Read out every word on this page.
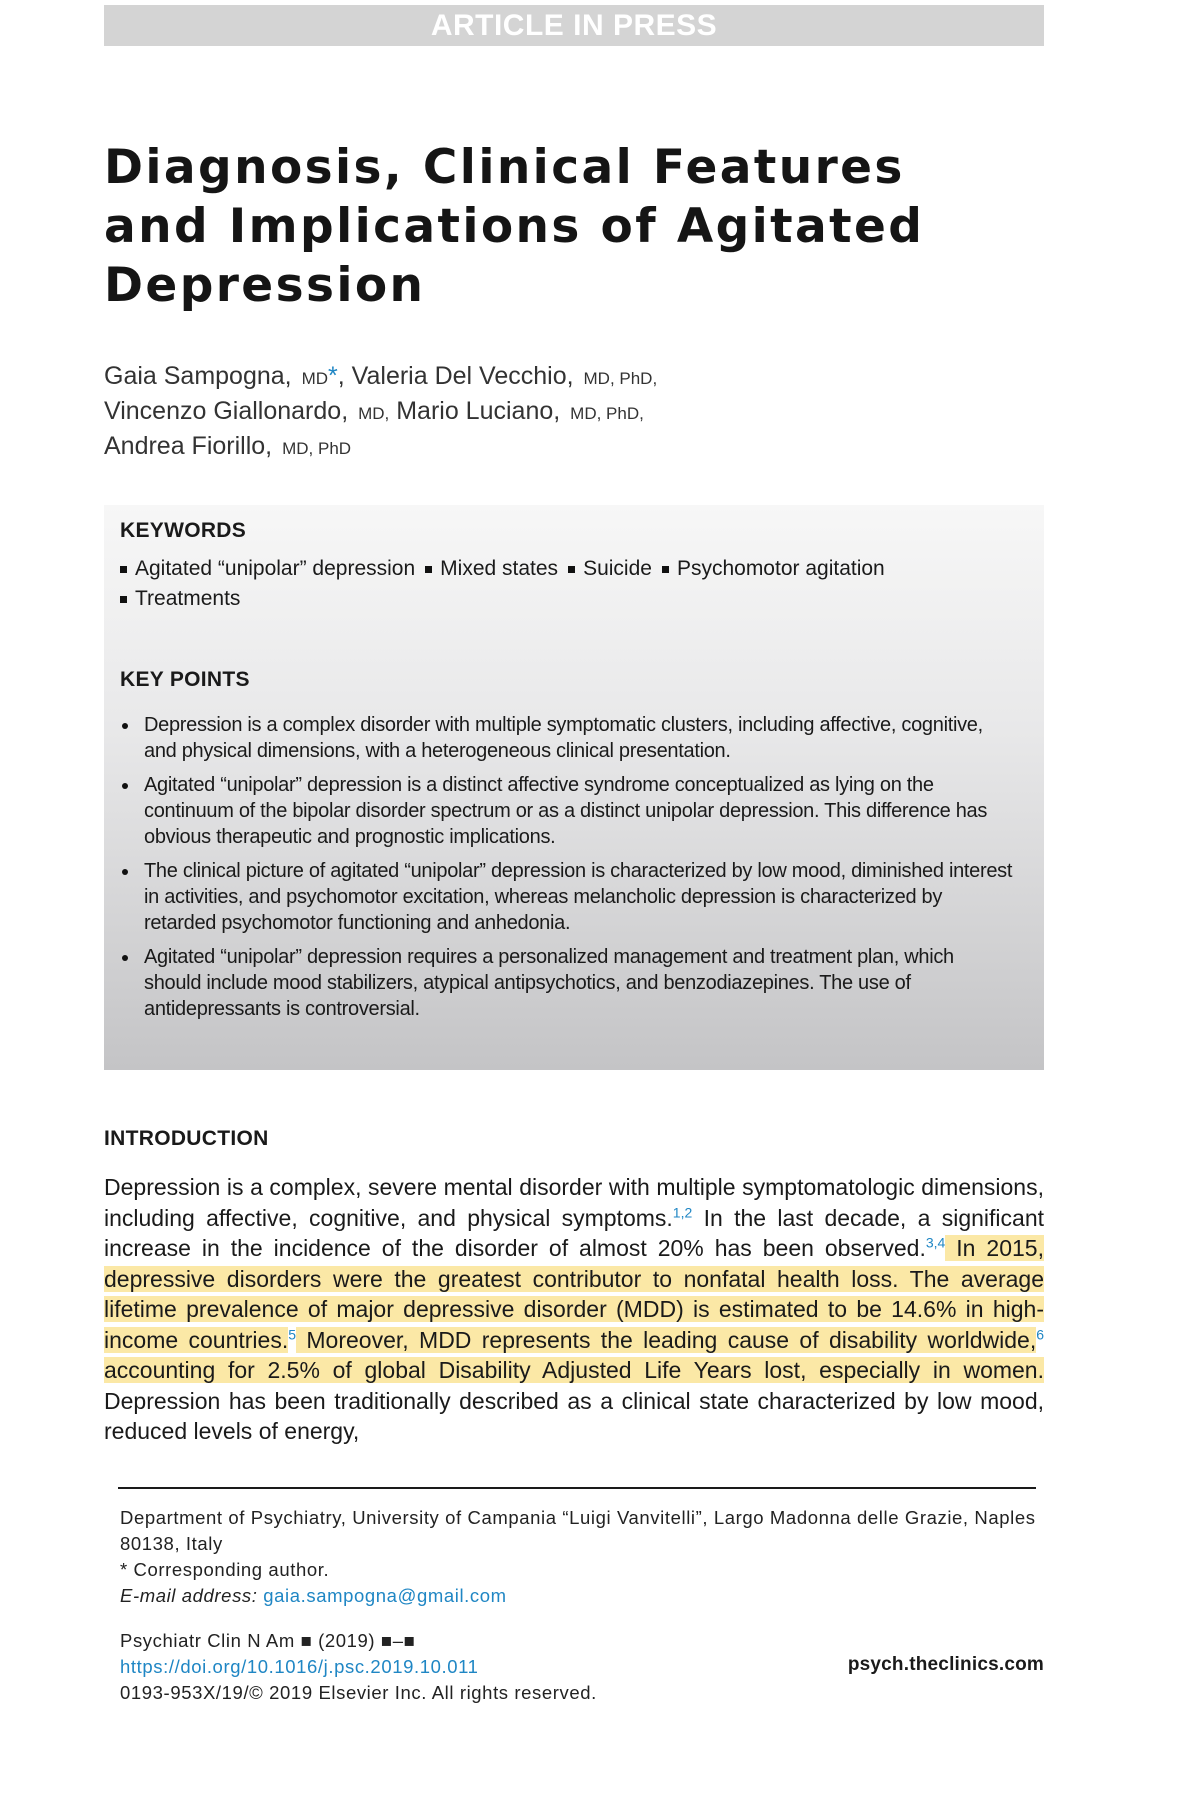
ARTICLE IN PRESS
Diagnosis, Clinical Features and Implications of Agitated Depression
Gaia Sampogna, MD*, Valeria Del Vecchio, MD, PhD,
Vincenzo Giallonardo, MD, Mario Luciano, MD, PhD,
Andrea Fiorillo, MD, PhD
KEYWORDS
Agitated “unipolar” depression Mixed states Suicide Psychomotor agitation
Treatments
KEY POINTS
Depression is a complex disorder with multiple symptomatic clusters, including affective, cognitive, and physical dimensions, with a heterogeneous clinical presentation.
Agitated “unipolar” depression is a distinct affective syndrome conceptualized as lying on the continuum of the bipolar disorder spectrum or as a distinct unipolar depression. This difference has obvious therapeutic and prognostic implications.
The clinical picture of agitated “unipolar” depression is characterized by low mood, diminished interest in activities, and psychomotor excitation, whereas melancholic depression is characterized by retarded psychomotor functioning and anhedonia.
Agitated “unipolar” depression requires a personalized management and treatment plan, which should include mood stabilizers, atypical antipsychotics, and benzodiazepines. The use of antidepressants is controversial.
INTRODUCTION
Depression is a complex, severe mental disorder with multiple symptomatologic dimensions, including affective, cognitive, and physical symptoms.$^{1,2}$ In the last decade, a significant increase in the incidence of the disorder of almost 20% has been observed.$^{3,4}$ In 2015, depressive disorders were the greatest contributor to nonfatal health loss. The average lifetime prevalence of major depressive disorder (MDD) is estimated to be 14.6% in high-income countries.$^5$ Moreover, MDD represents the leading cause of disability worldwide,$^6$ accounting for 2.5% of global Disability Adjusted Life Years lost, especially in women. Depression has been traditionally described as a clinical state characterized by low mood, reduced levels of energy,
Department of Psychiatry, University of Campania “Luigi Vanvitelli”, Largo Madonna delle Grazie, Naples 80138, Italy
* Corresponding author.
E-mail address: gaia.sampogna@gmail.com
Psychiatr Clin N Am ■ (2019) ■–■
https://doi.org/10.1016/j.psc.2019.10.011
0193-953X/19/© 2019 Elsevier Inc. All rights reserved.
psych.theclinics.com
